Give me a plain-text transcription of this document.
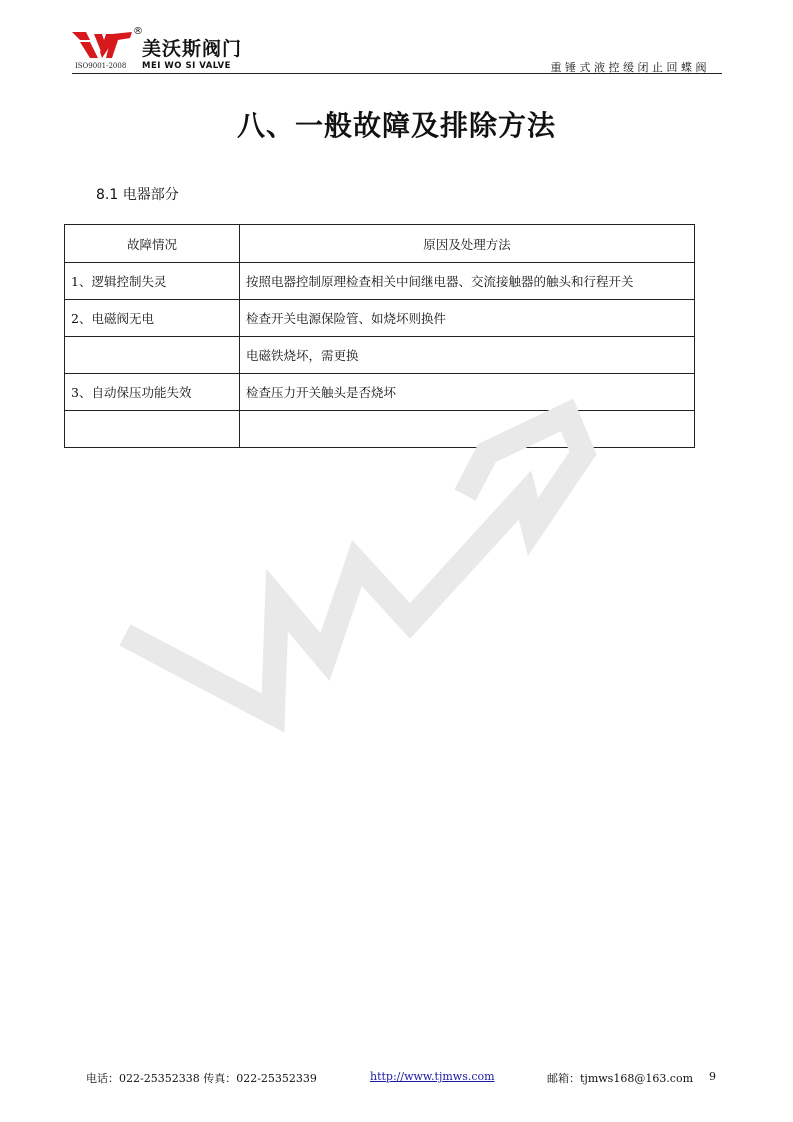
®
美沃斯阀门
ISO9001-2008 MEI WO SI VALVE	重锤式液控缓闭止回蝶阀
八、一般故障及排除方法
8.1 电器部分
故障情况	原因及处理方法
1、逻辑控制失灵	按照电器控制原理检查相关中间继电器、交流接触器的触头和行程开关
2、电磁阀无电	检查开关电源保险管、如烧坏则换件
	电磁铁烧坏，需更换
3、自动保压功能失效	检查压力开关触头是否烧坏

电话：022-25352338 传真：022-25352339	http://www.tjmws.com	邮箱：tjmws168@163.com 9
